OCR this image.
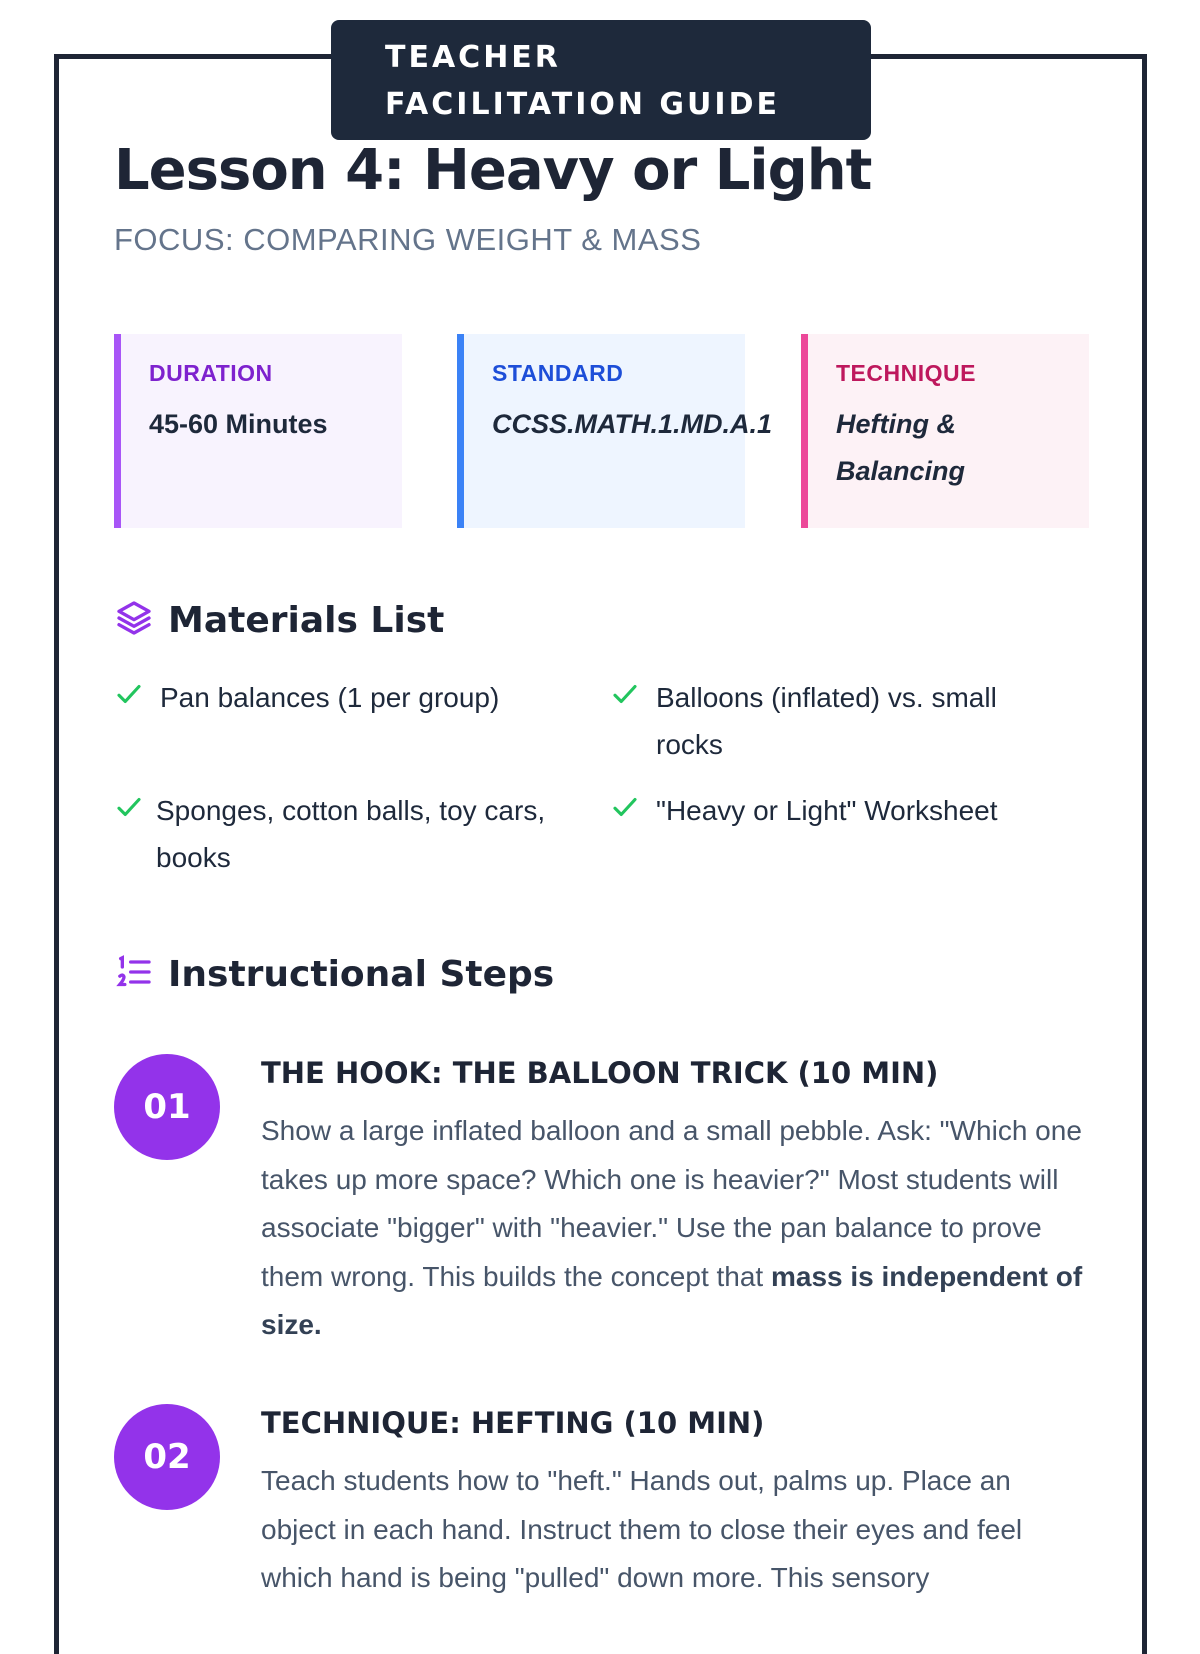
TEACHER
FACILITATION GUIDE
Lesson 4: Heavy or Light
FOCUS: COMPARING WEIGHT & MASS
DURATION
45-60 Minutes
STANDARD
CCSS.MATH.1.MD.A.1
TECHNIQUE
Hefting & Balancing
Materials List
Pan balances (1 per group)	Balloons (inflated) vs. small rocks
Sponges, cotton balls, toy cars, books
"Heavy or Light" Worksheet
Instructional Steps
01
THE HOOK: THE BALLOON TRICK (10 MIN)
Show a large inflated balloon and a small pebble. Ask: "Which one takes up more space? Which one is heavier?" Most students will associate "bigger" with "heavier." Use the pan balance to prove them wrong. This builds the concept that mass is independent of size.
02
TECHNIQUE: HEFTING (10 MIN)
Teach students how to "heft." Hands out, palms up. Place an object in each hand. Instruct them to close their eyes and feel which hand is being "pulled" down more. This sensory
